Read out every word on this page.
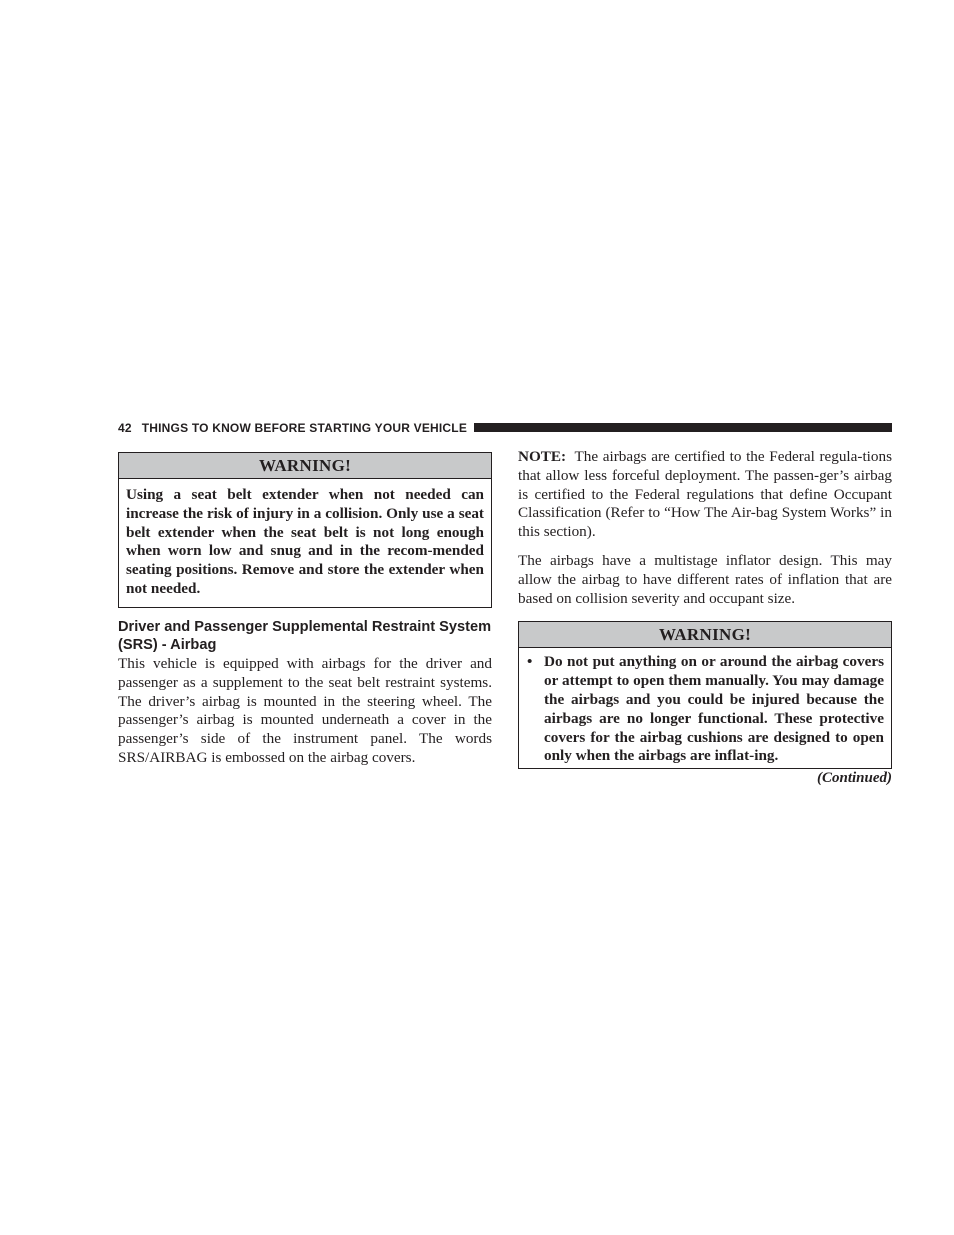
42 THINGS TO KNOW BEFORE STARTING YOUR VEHICLE
WARNING!
Using a seat belt extender when not needed can increase the risk of injury in a collision. Only use a seat belt extender when the seat belt is not long enough when worn low and snug and in the recom-mended seating positions. Remove and store the extender when not needed.
Driver and Passenger Supplemental Restraint System (SRS) - Airbag

This vehicle is equipped with airbags for the driver and passenger as a supplement to the seat belt restraint systems. The driver’s airbag is mounted in the steering wheel. The passenger’s airbag is mounted underneath a cover in the passenger’s side of the instrument panel. The words SRS/AIRBAG is embossed on the airbag covers.

NOTE: The airbags are certified to the Federal regula-tions that allow less forceful deployment. The passen-ger’s airbag is certified to the Federal regulations that define Occupant Classification (Refer to “How The Air-bag System Works” in this section).

The airbags have a multistage inflator design. This may allow the airbag to have different rates of inflation that are based on collision severity and occupant size.

WARNING!
• Do not put anything on or around the airbag covers or attempt to open them manually. You may damage the airbags and you could be injured because the airbags are no longer functional. These protective covers for the airbag cushions are designed to open only when the airbags are inflat-ing.
(Continued)
